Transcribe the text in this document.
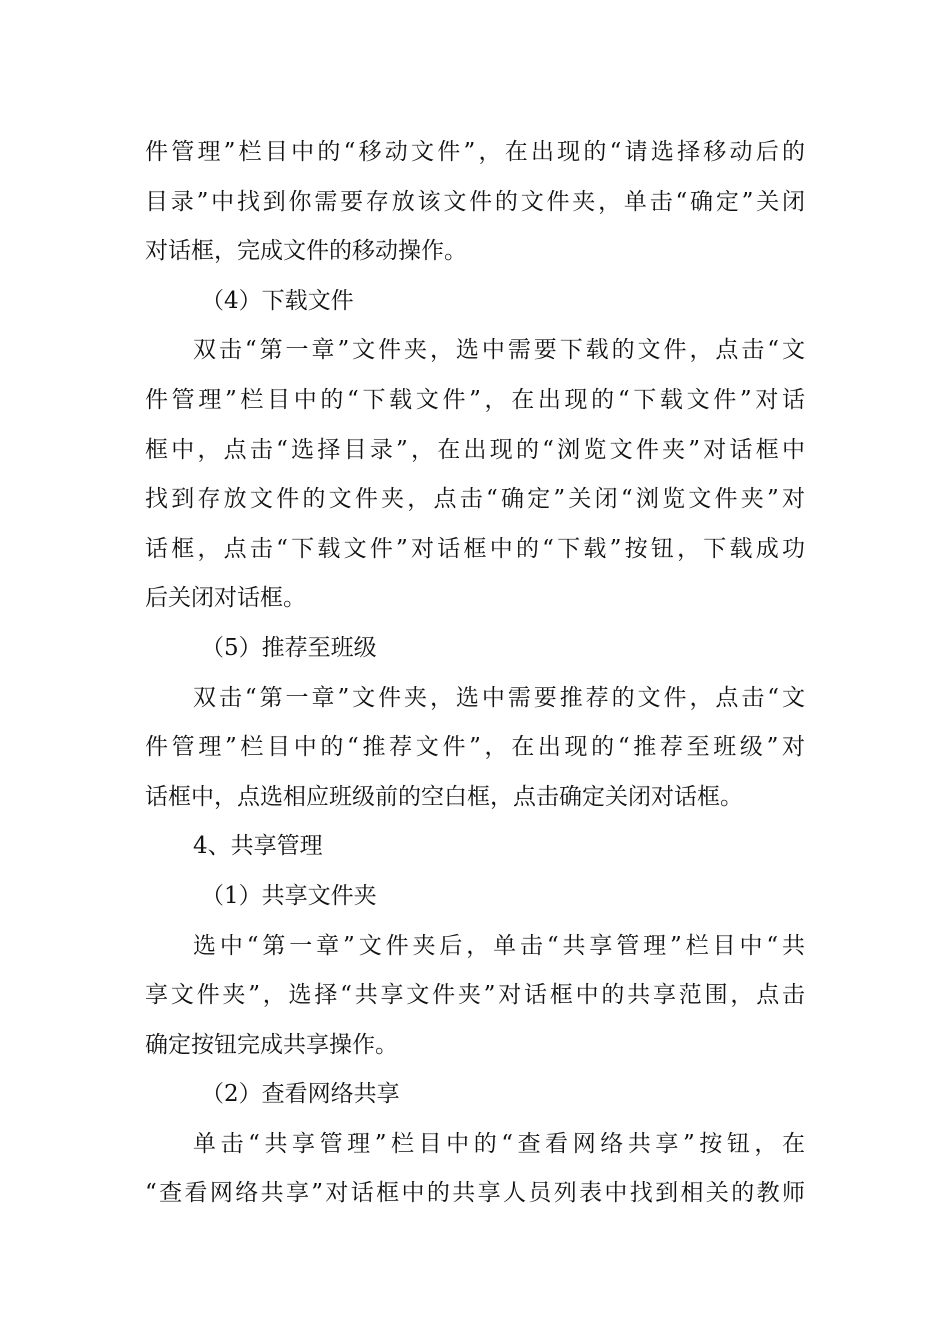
件管理”栏目中的“移动文件”，在出现的“请选择移动后的
目录”中找到你需要存放该文件的文件夹，单击“确定”关闭
对话框，完成文件的移动操作。
（4）下载文件
双击“第一章”文件夹，选中需要下载的文件，点击“文
件管理”栏目中的“下载文件”，在出现的“下载文件”对话
框中，点击“选择目录”，在出现的“浏览文件夹”对话框中
找到存放文件的文件夹，点击“确定”关闭“浏览文件夹”对
话框，点击“下载文件”对话框中的“下载”按钮，下载成功
后关闭对话框。
（5）推荐至班级
双击“第一章”文件夹，选中需要推荐的文件，点击“文
件管理”栏目中的“推荐文件”，在出现的“推荐至班级”对
话框中，点选相应班级前的空白框，点击确定关闭对话框。
4、共享管理
（1）共享文件夹
选中“第一章”文件夹后，单击“共享管理”栏目中“共
享文件夹”，选择“共享文件夹”对话框中的共享范围，点击
确定按钮完成共享操作。
（2）查看网络共享
单击“共享管理”栏目中的“查看网络共享”按钮，在
“查看网络共享”对话框中的共享人员列表中找到相关的教师
